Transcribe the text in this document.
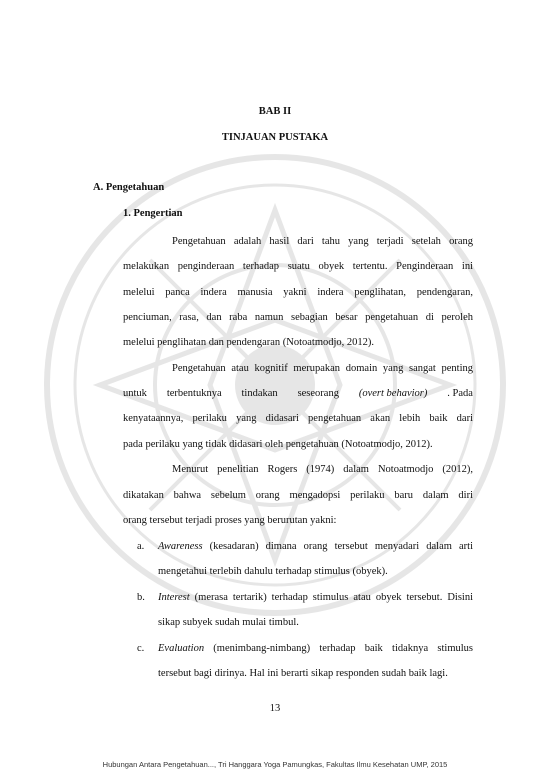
BAB II
TINJAUAN PUSTAKA
A. Pengetahuan
1. Pengertian
Pengetahuan adalah hasil dari tahu yang terjadi setelah orang
melakukan penginderaan terhadap suatu obyek tertentu. Penginderaan ini
melelui panca indera manusia yakni indera penglihatan, pendengaran,
penciuman, rasa, dan raba namun sebagian besar pengetahuan di peroleh
melelui penglihatan dan pendengaran (Notoatmodjo, 2012).
Pengetahuan atau kognitif merupakan domain yang sangat penting
untuk terbentuknya tindakan seseorang (overt behavior) . Pada
kenyataannya, perilaku yang didasari pengetahuan akan lebih baik dari
pada perilaku yang tidak didasari oleh pengetahuan (Notoatmodjo, 2012).
Menurut penelitian Rogers (1974) dalam Notoatmodjo (2012),
dikatakan bahwa sebelum orang mengadopsi perilaku baru dalam diri
orang tersebut terjadi proses yang berurutan yakni:
a. Awareness (kesadaran) dimana orang tersebut menyadari dalam arti
mengetahui terlebih dahulu terhadap stimulus (obyek).
b. Interest (merasa tertarik) terhadap stimulus atau obyek tersebut. Disini
sikap subyek sudah mulai timbul.
c. Evaluation (menimbang-nimbang) terhadap baik tidaknya stimulus
tersebut bagi dirinya. Hal ini berarti sikap responden sudah baik lagi.
13
Hubungan Antara Pengetahuan..., Tri Hanggara Yoga Pamungkas, Fakultas Ilmu Kesehatan UMP, 2015
